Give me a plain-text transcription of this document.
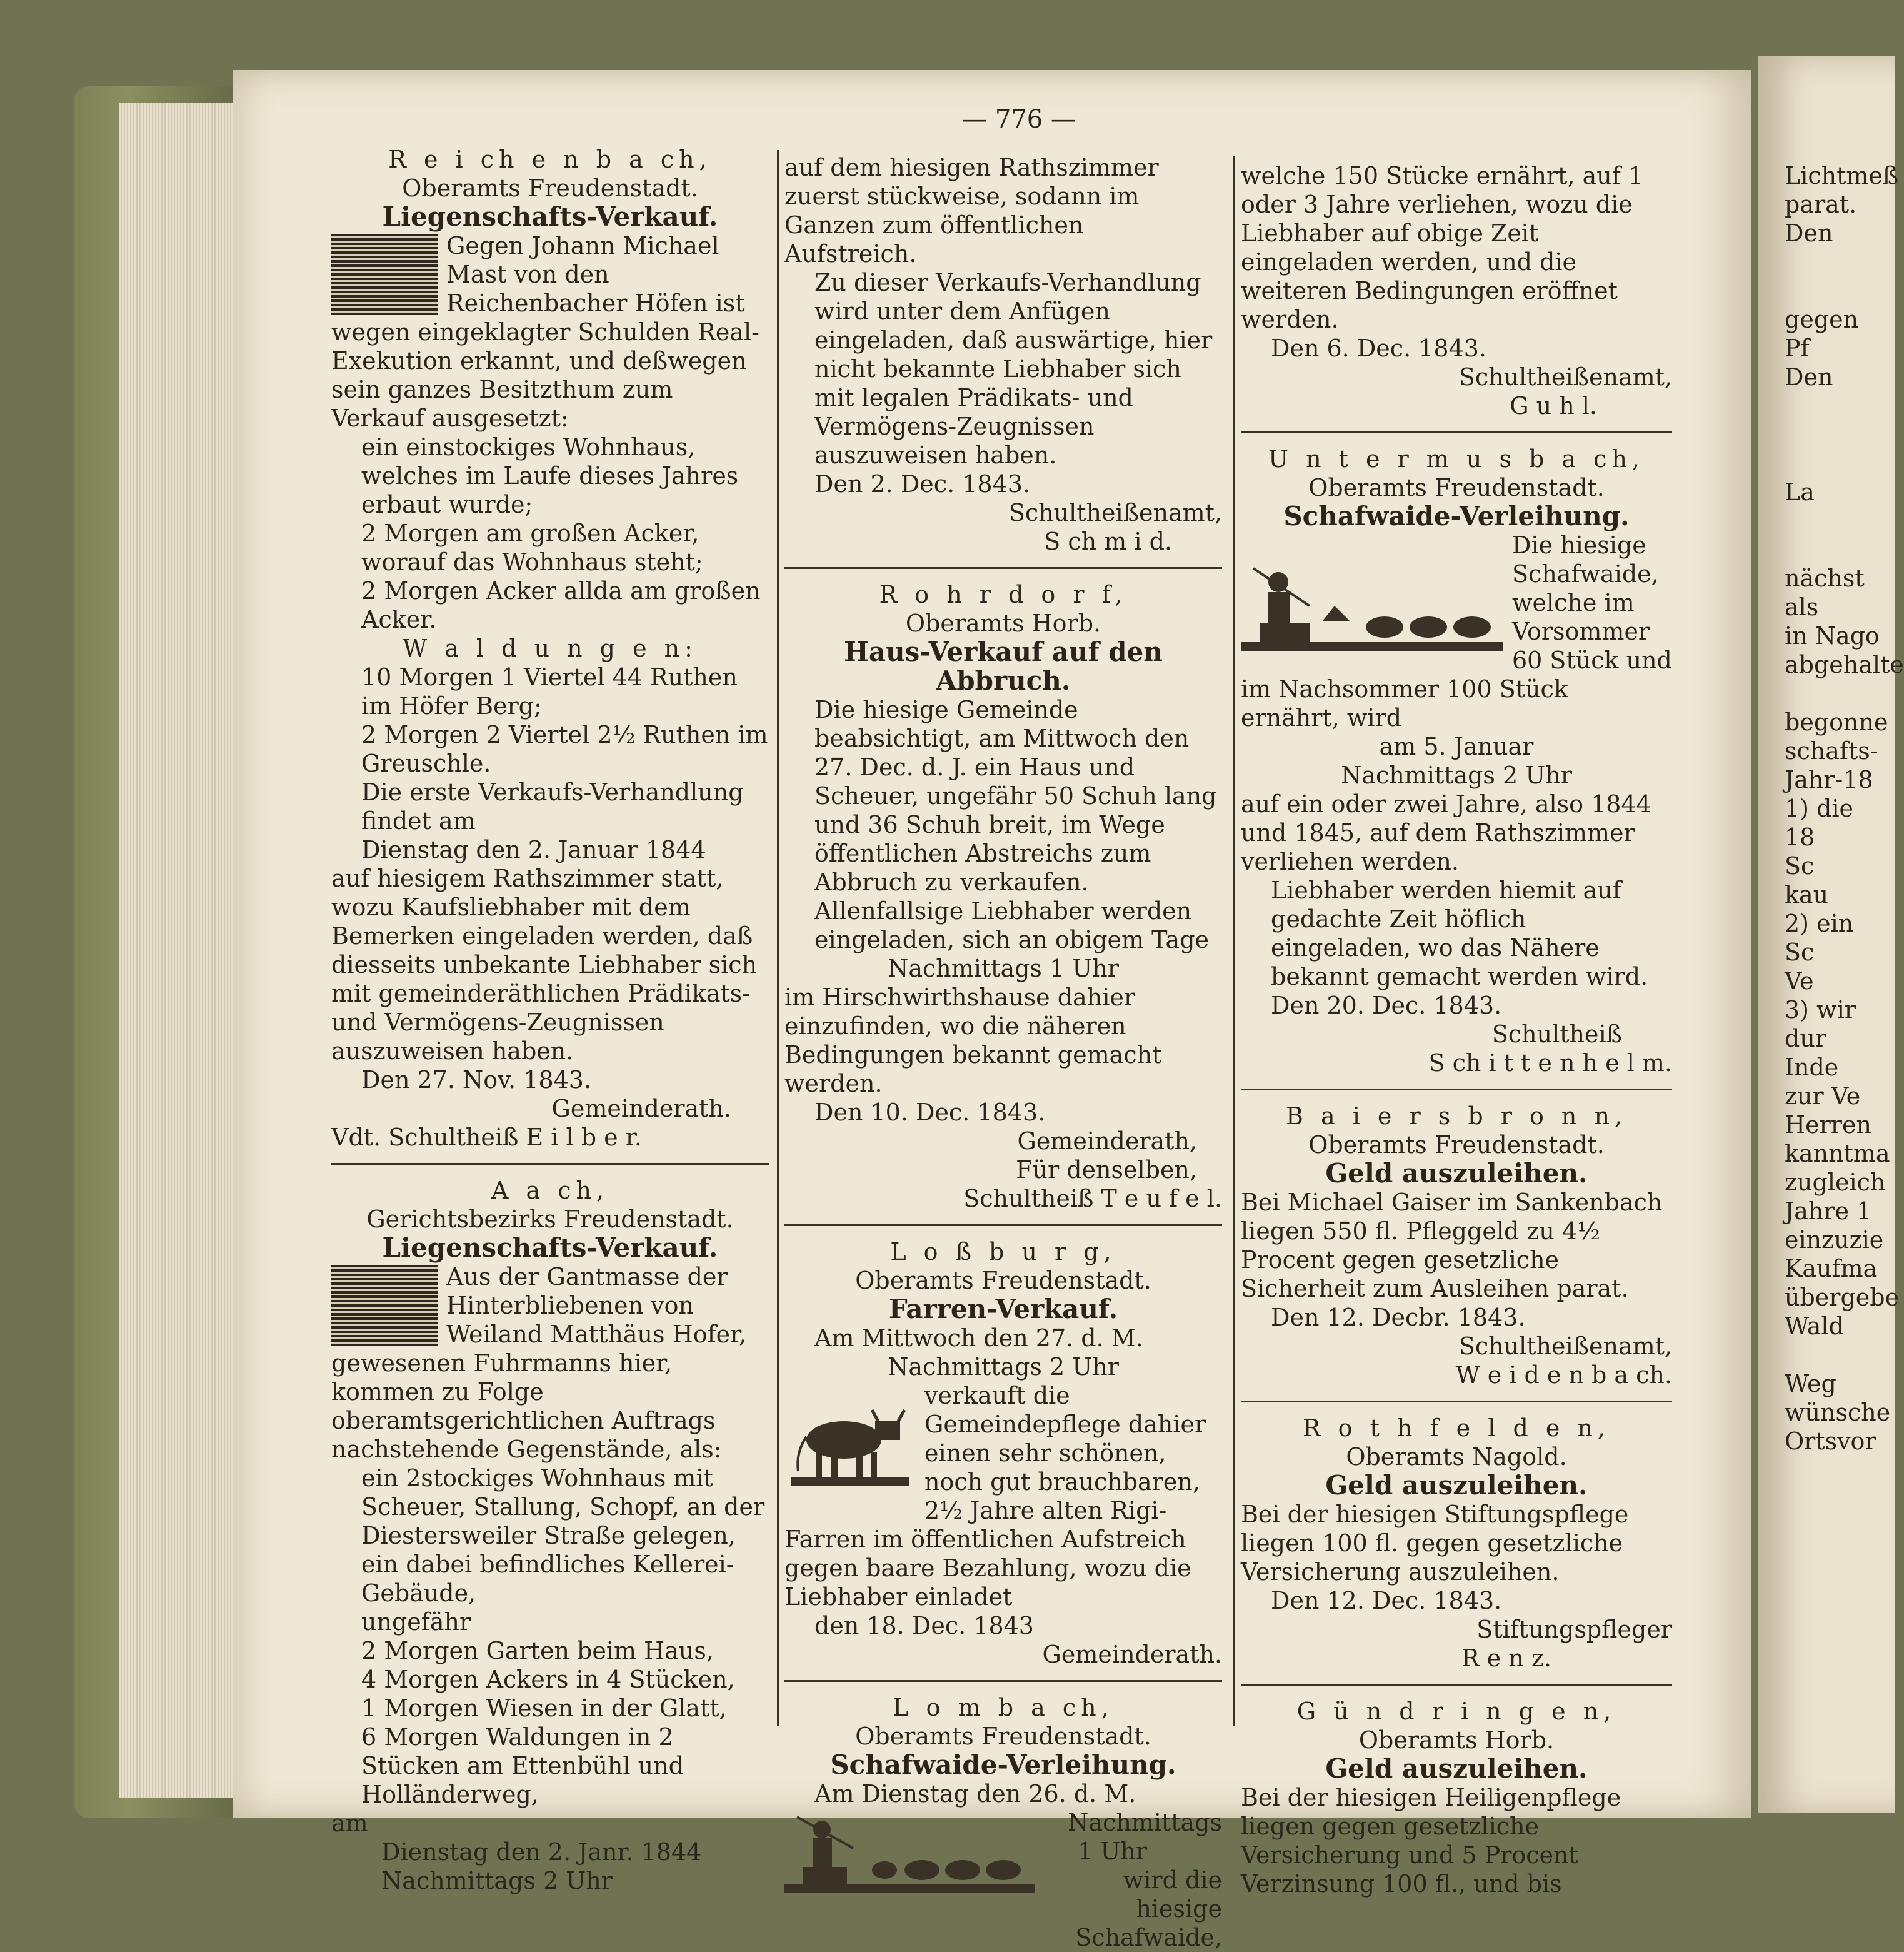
— 776 —

R e i ch e n b a ch,

Oberamts Freudenstadt.

Liegenschafts-Verkauf.

Gegen Johann Michael Mast von den Reichenbacher Höfen ist wegen eingeklagter Schulden Real-Exekution erkannt, und deßwegen sein ganzes Besitzthum zum Verkauf ausgesetzt:

ein einstockiges Wohnhaus, welches im Laufe dieses Jahres erbaut wurde;

2 Morgen am großen Acker, worauf das Wohnhaus steht;

2 Morgen Acker allda am großen Acker.

W a l d u n g e n:

10 Morgen 1 Viertel 44 Ruthen im Höfer Berg;

2 Morgen 2 Viertel 2½ Ruthen im Greuschle.

Die erste Verkaufs-Verhandlung findet am

Dienstag den 2. Januar 1844

auf hiesigem Rathszimmer statt, wozu Kaufsliebhaber mit dem Bemerken eingeladen werden, daß diesseits unbekante Liebhaber sich mit gemeinderäthlichen Prädikats- und Vermögens-Zeugnissen auszuweisen haben.

Den 27. Nov. 1843.

Gemeinderath.

Vdt. Schultheiß E i l b e r.

A a ch,

Gerichtsbezirks Freudenstadt.

Liegenschafts-Verkauf.

Aus der Gantmasse der Hinterbliebenen von Weiland Matthäus Hofer, gewesenen Fuhrmanns hier, kommen zu Folge oberamtsgerichtlichen Auftrags nachstehende Gegenstände, als:

ein 2stockiges Wohnhaus mit Scheuer, Stallung, Schopf, an der Diestersweiler Straße gelegen,

ein dabei befindliches Kellerei-Gebäude,

ungefähr

2 Morgen Garten beim Haus,

4 Morgen Ackers in 4 Stücken,

1 Morgen Wiesen in der Glatt,

6 Morgen Waldungen in 2 Stücken am Ettenbühl und Holländerweg,

am

Dienstag den 2. Janr. 1844

Nachmittags 2 Uhr

auf dem hiesigen Rathszimmer zuerst stückweise, sodann im Ganzen zum öffentlichen Aufstreich.

Zu dieser Verkaufs-Verhandlung wird unter dem Anfügen eingeladen, daß auswärtige, hier nicht bekannte Liebhaber sich mit legalen Prädikats- und Vermögens-Zeugnissen auszuweisen haben.

Den 2. Dec. 1843.

Schultheißenamt,

S ch m i d.

R o h r d o r f,

Oberamts Horb.

Haus-Verkauf auf den Abbruch.

Die hiesige Gemeinde beabsichtigt, am Mittwoch den 27. Dec. d. J. ein Haus und Scheuer, ungefähr 50 Schuh lang und 36 Schuh breit, im Wege öffentlichen Abstreichs zum Abbruch zu verkaufen.

Allenfallsige Liebhaber werden eingeladen, sich an obigem Tage

Nachmittags 1 Uhr

im Hirschwirthshause dahier einzufinden, wo die näheren Bedingungen bekannt gemacht werden.

Den 10. Dec. 1843.

Gemeinderath,

Für denselben,

Schultheiß T e u f e l.

L o ß b u r g,

Oberamts Freudenstadt.

Farren-Verkauf.

Am Mittwoch den 27. d. M.

Nachmittags 2 Uhr

verkauft die Gemeindepflege dahier einen sehr schönen, noch gut brauchbaren, 2½ Jahre alten Rigi-Farren im öffentlichen Aufstreich gegen baare Bezahlung, wozu die Liebhaber einladet

den 18. Dec. 1843

Gemeinderath.

L o m b a ch,

Oberamts Freudenstadt.

Schafwaide-Verleihung.

Am Dienstag den 26. d. M.

Nachmittags

1 Uhr

wird die hiesige Schafwaide,

welche 150 Stücke ernährt, auf 1 oder 3 Jahre verliehen, wozu die Liebhaber auf obige Zeit eingeladen werden, und die weiteren Bedingungen eröffnet werden.

Den 6. Dec. 1843.

Schultheißenamt,

G u h l.

U n t e r m u s b a ch,

Oberamts Freudenstadt.

Schafwaide-Verleihung.

Die hiesige Schafwaide, welche im Vorsommer 60 Stück und im Nachsommer 100 Stück ernährt, wird

am 5. Januar

Nachmittags 2 Uhr

auf ein oder zwei Jahre, also 1844 und 1845, auf dem Rathszimmer verliehen werden.

Liebhaber werden hiemit auf gedachte Zeit höflich eingeladen, wo das Nähere bekannt gemacht werden wird.

Den 20. Dec. 1843.

Schultheiß

S ch i t t e n h e l m.

B a i e r s b r o n n,

Oberamts Freudenstadt.

Geld auszuleihen.

Bei Michael Gaiser im Sankenbach liegen 550 fl. Pfleggeld zu 4½ Procent gegen gesetzliche Sicherheit zum Ausleihen parat.

Den 12. Decbr. 1843.

Schultheißenamt,

W e i d e n b a ch.

R o t h f e l d e n,

Oberamts Nagold.

Geld auszuleihen.

Bei der hiesigen Stiftungspflege liegen 100 fl. gegen gesetzliche Versicherung auszuleihen.

Den 12. Dec. 1843.

Stiftungspfleger

R e n z.

G ü n d r i n g e n,

Oberamts Horb.

Geld auszuleihen.

Bei der hiesigen Heiligenpflege liegen gegen gesetzliche Versicherung und 5 Procent Verzinsung 100 fl., und bis

Lichtmeß

parat.

Den

gegen Pf

Den

La

nächst

als

in Nago

abgehalte

begonne

schafts-

Jahr-18

1) die

18

Sc

kau

2) ein

Sc

Ve

3) wir

dur

Inde

zur Ve

Herren

kanntma

zugleich

Jahre 1

einzuzie

Kaufma

übergebe

Wald

Weg

wünsche

Ortsvor
